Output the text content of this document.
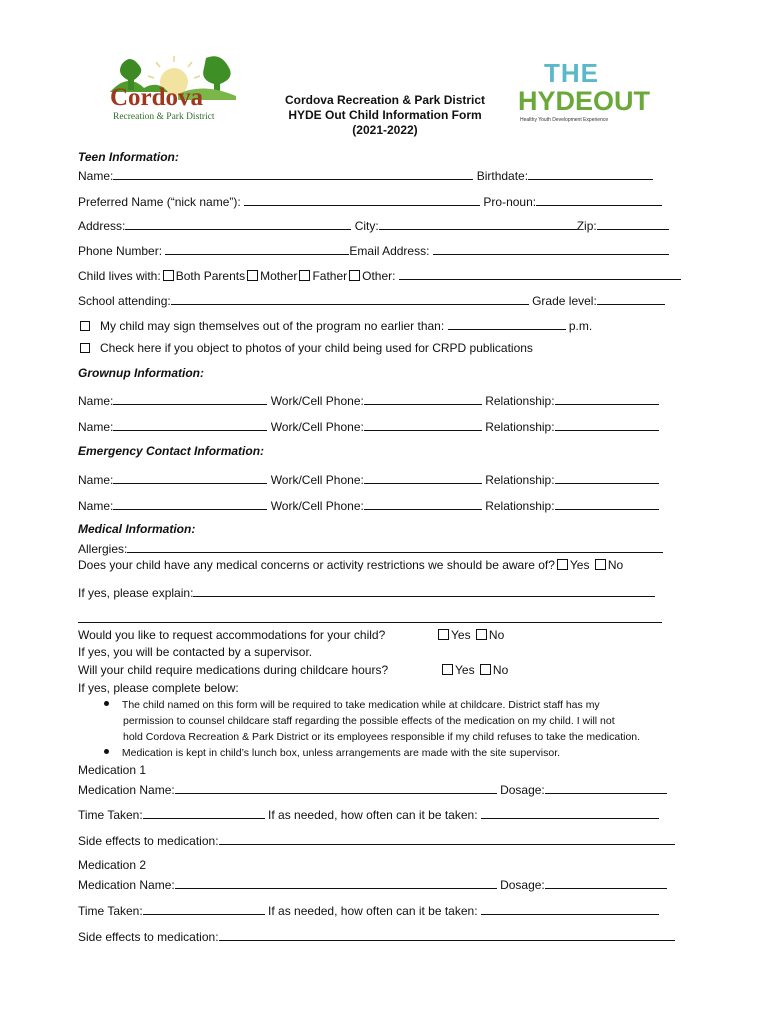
Cordova
Recreation & Park District
Cordova Recreation & Park District
HYDE Out Child Information Form
(2021-2022)
THE
HYDEOUT
Healthy Youth Development Experience
Teen Information:
Name:	Birthdate:
Preferred Name (“nick name”):	Pro-noun:
Address:	City:	Zip:
Phone Number:	Email Address:
Child lives with: Both Parents Mother Father Other:
School attending:	Grade level:
My child may sign themselves out of the program no earlier than:	p.m.
Check here if you object to photos of your child being used for CRPD publications
Grownup Information:
Name:	Work/Cell Phone:	Relationship:
Name:	Work/Cell Phone:	Relationship:
Emergency Contact Information:
Name:	Work/Cell Phone:	Relationship:
Name:	Work/Cell Phone:	Relationship:
Medical Information:
Allergies:
Does your child have any medical concerns or activity restrictions we should be aware of? Yes No
If yes, please explain:
Would you like to request accommodations for your child?	Yes No
If yes, you will be contacted by a supervisor.
Will your child require medications during childcare hours?	Yes No
If yes, please complete below:
The child named on this form will be required to take medication while at childcare. District staff has my
permission to counsel childcare staff regarding the possible effects of the medication on my child. I will not
hold Cordova Recreation & Park District or its employees responsible if my child refuses to take the medication.
Medication is kept in child’s lunch box, unless arrangements are made with the site supervisor.
Medication 1
Medication Name:	Dosage:
Time Taken:	If as needed, how often can it be taken:
Side effects to medication:
Medication 2
Medication Name:	Dosage:
Time Taken:	If as needed, how often can it be taken:
Side effects to medication:
